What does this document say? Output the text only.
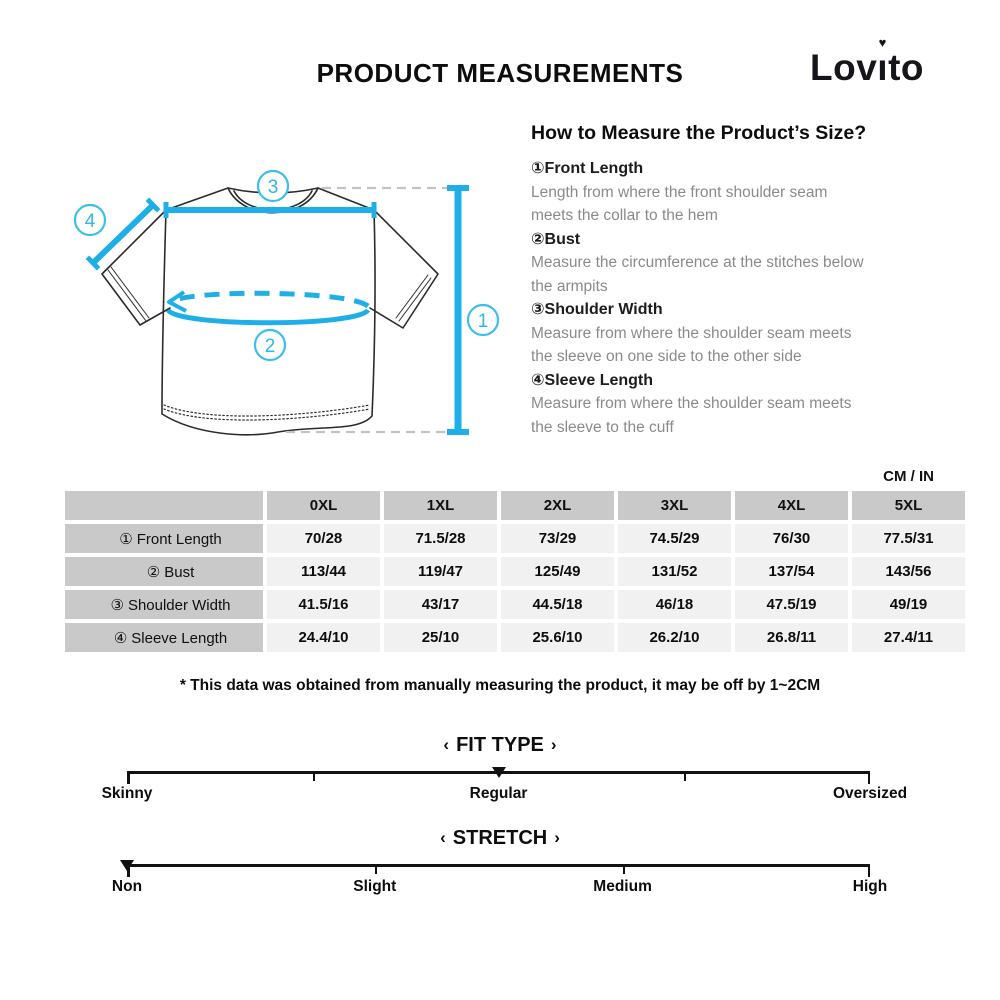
PRODUCT MEASUREMENTS	Lovı
♥
to
3
4
2
1
How to Measure the Product’s Size?
①Front Length
Length from where the front shoulder seam
meets the collar to the hem
②Bust
Measure the circumference at the stitches below
the armpits
③Shoulder Width
Measure from where the shoulder seam meets
the sleeve on one side to the other side
④Sleeve Length
Measure from where the shoulder seam meets
the sleeve to the cuff
CM / IN
	0XL	1XL	2XL	3XL	4XL	5XL
① Front Length	70/28	71.5/28	73/29	74.5/29	76/30	77.5/31
② Bust	113/44	119/47	125/49	131/52	137/54	143/56
③ Shoulder Width	41.5/16	43/17	44.5/18	46/18	47.5/19	49/19
④ Sleeve Length	24.4/10	25/10	25.6/10	26.2/10	26.8/11	27.4/11
* This data was obtained from manually measuring the product, it may be off by 1~2CM
‹ FIT TYPE ›
Skinny	Regular	Oversized
‹ STRETCH ›
Non	Slight	Medium	High
